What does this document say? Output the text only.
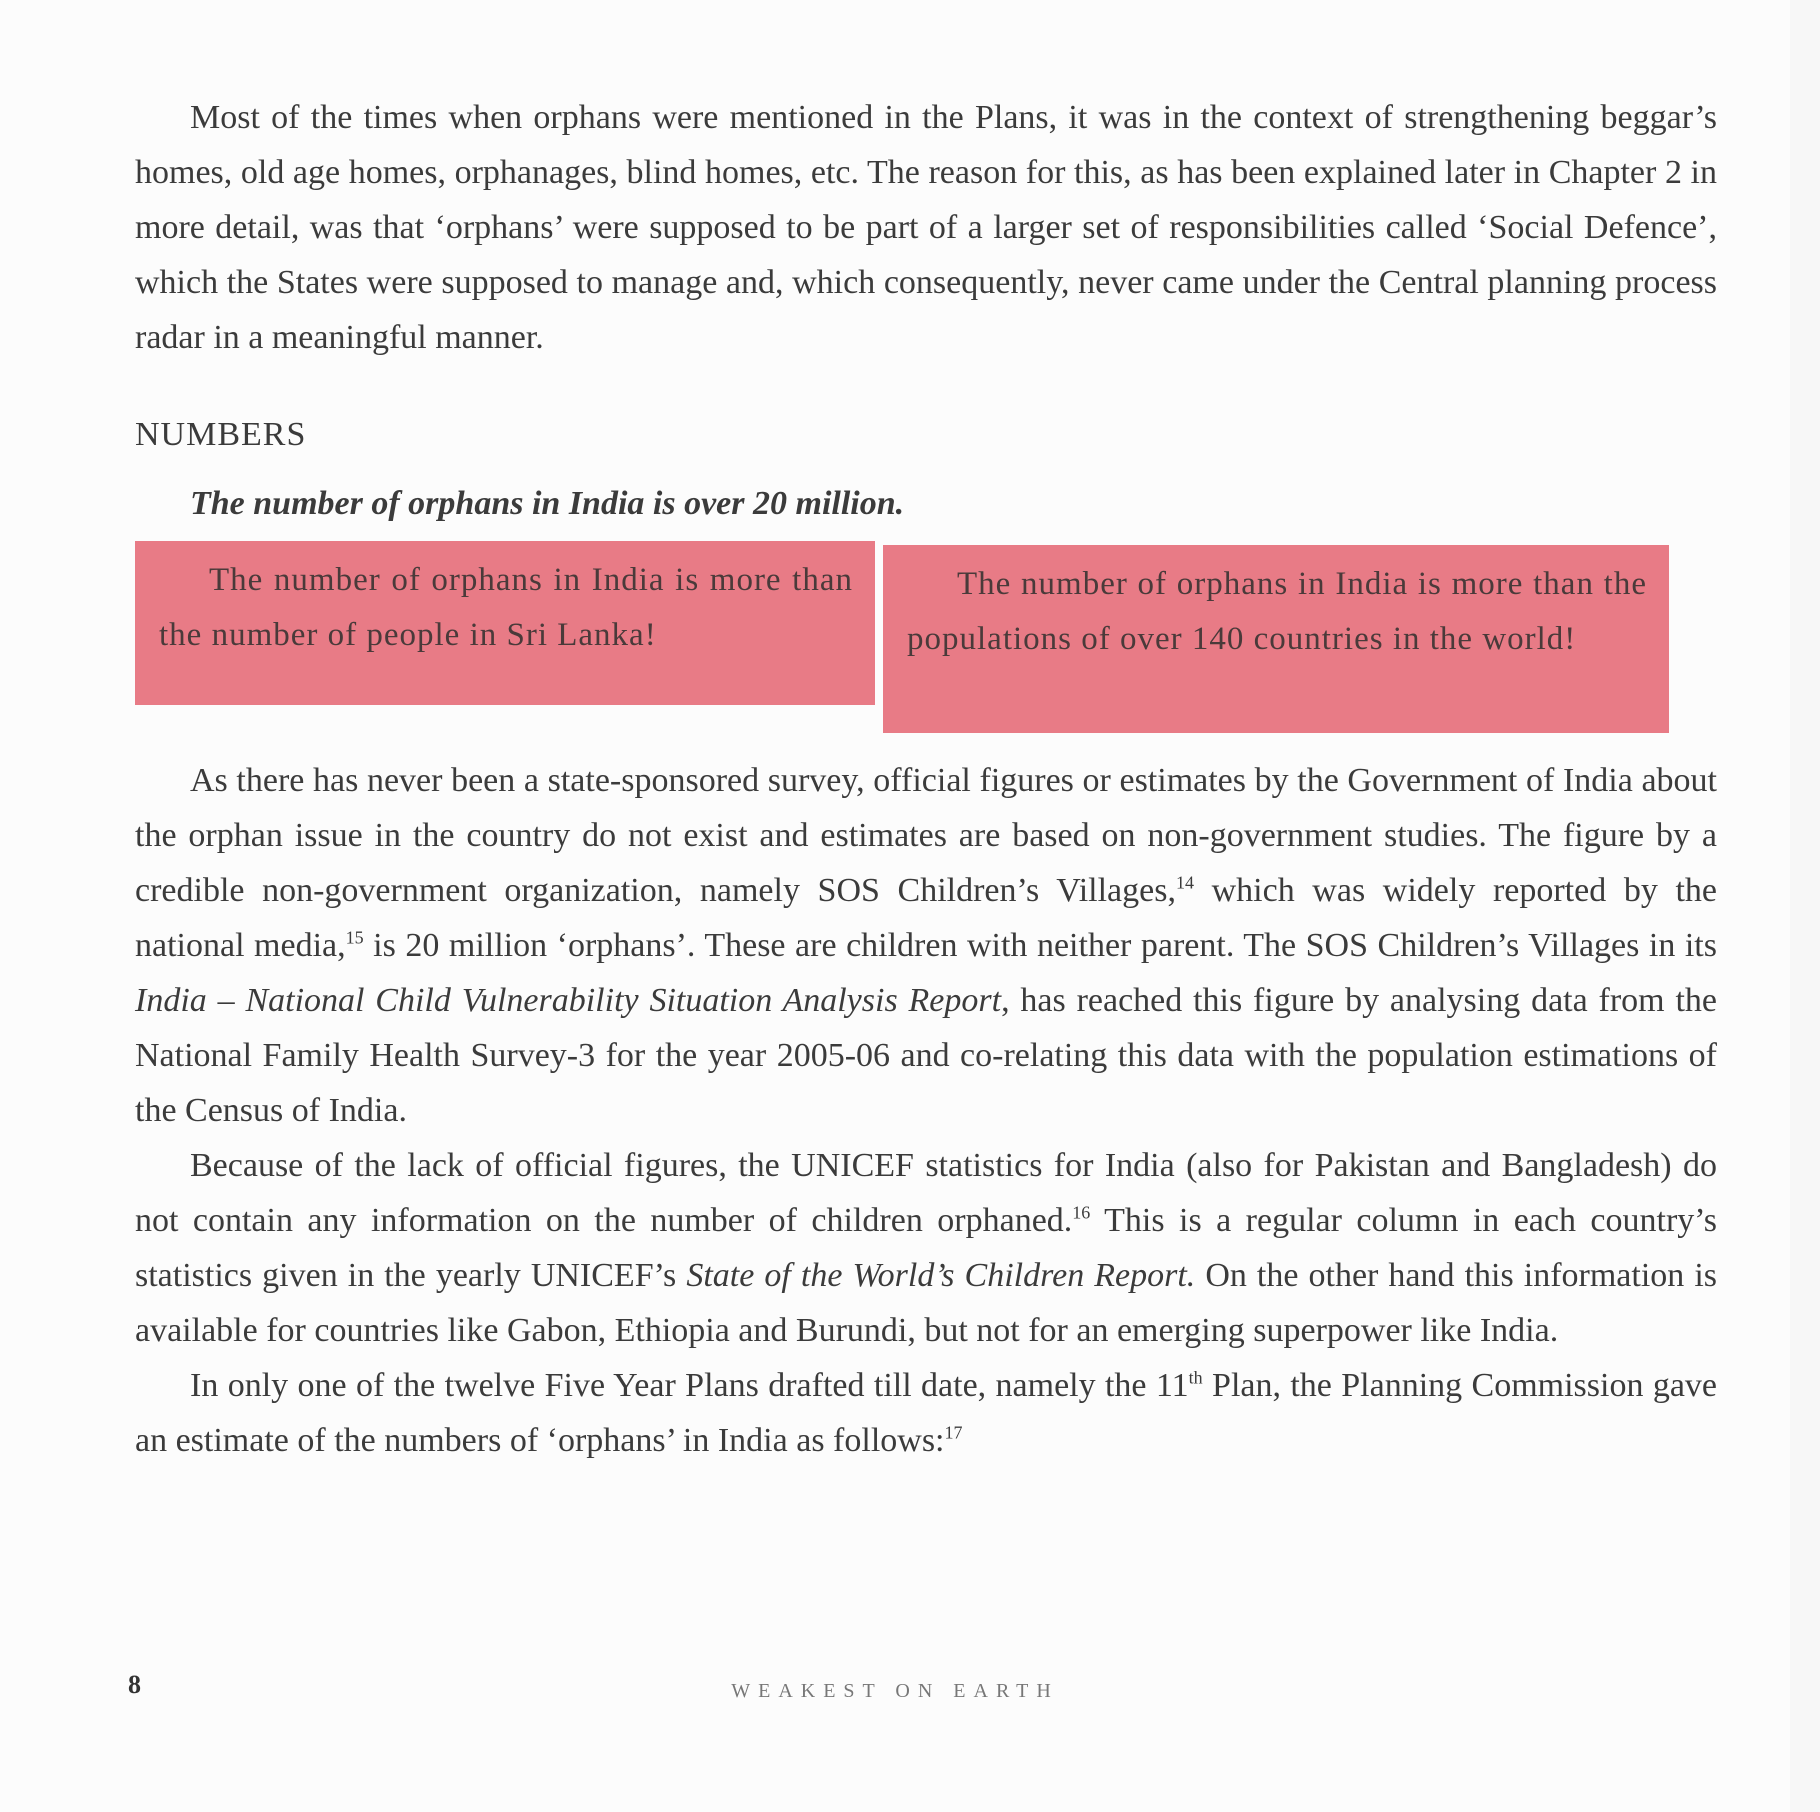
Most of the times when orphans were mentioned in the Plans, it was in the context of strengthening beggar’s homes, old age homes, orphanages, blind homes, etc. The reason for this, as has been explained later in Chapter 2 in more detail, was that ‘orphans’ were supposed to be part of a larger set of responsibilities called ‘Social Defence’, which the States were supposed to manage and, which consequently, never came under the Central planning process radar in a meaningful manner.

NUMBERS

The number of orphans in India is over 20 million.

The number of orphans in India is more than the number of people in Sri Lanka!
The number of orphans in India is more than the populations of over 140 countries in the world!

As there has never been a state-sponsored survey, official figures or estimates by the Government of India about the orphan issue in the country do not exist and estimates are based on non-government studies. The figure by a credible non-government organization, namely SOS Children’s Villages,$^{14}$ which was widely reported by the national media,$^{15}$ is 20 million ‘orphans’. These are children with neither parent. The SOS Children’s Villages in its India – National Child Vulnerability Situation Analysis Report, has reached this figure by analysing data from the National Family Health Survey-3 for the year 2005-06 and co-relating this data with the population estimations of the Census of India.

Because of the lack of official figures, the UNICEF statistics for India (also for Pakistan and Bangladesh) do not contain any information on the number of children orphaned.$^{16}$ This is a regular column in each country’s statistics given in the yearly UNICEF’s State of the World’s Children Report. On the other hand this information is available for countries like Gabon, Ethiopia and Burundi, but not for an emerging superpower like India.

In only one of the twelve Five Year Plans drafted till date, namely the 11th Plan, the Planning Commission gave an estimate of the numbers of ‘orphans’ in India as follows:$^{17}$

8	WEAKEST ON EARTH
